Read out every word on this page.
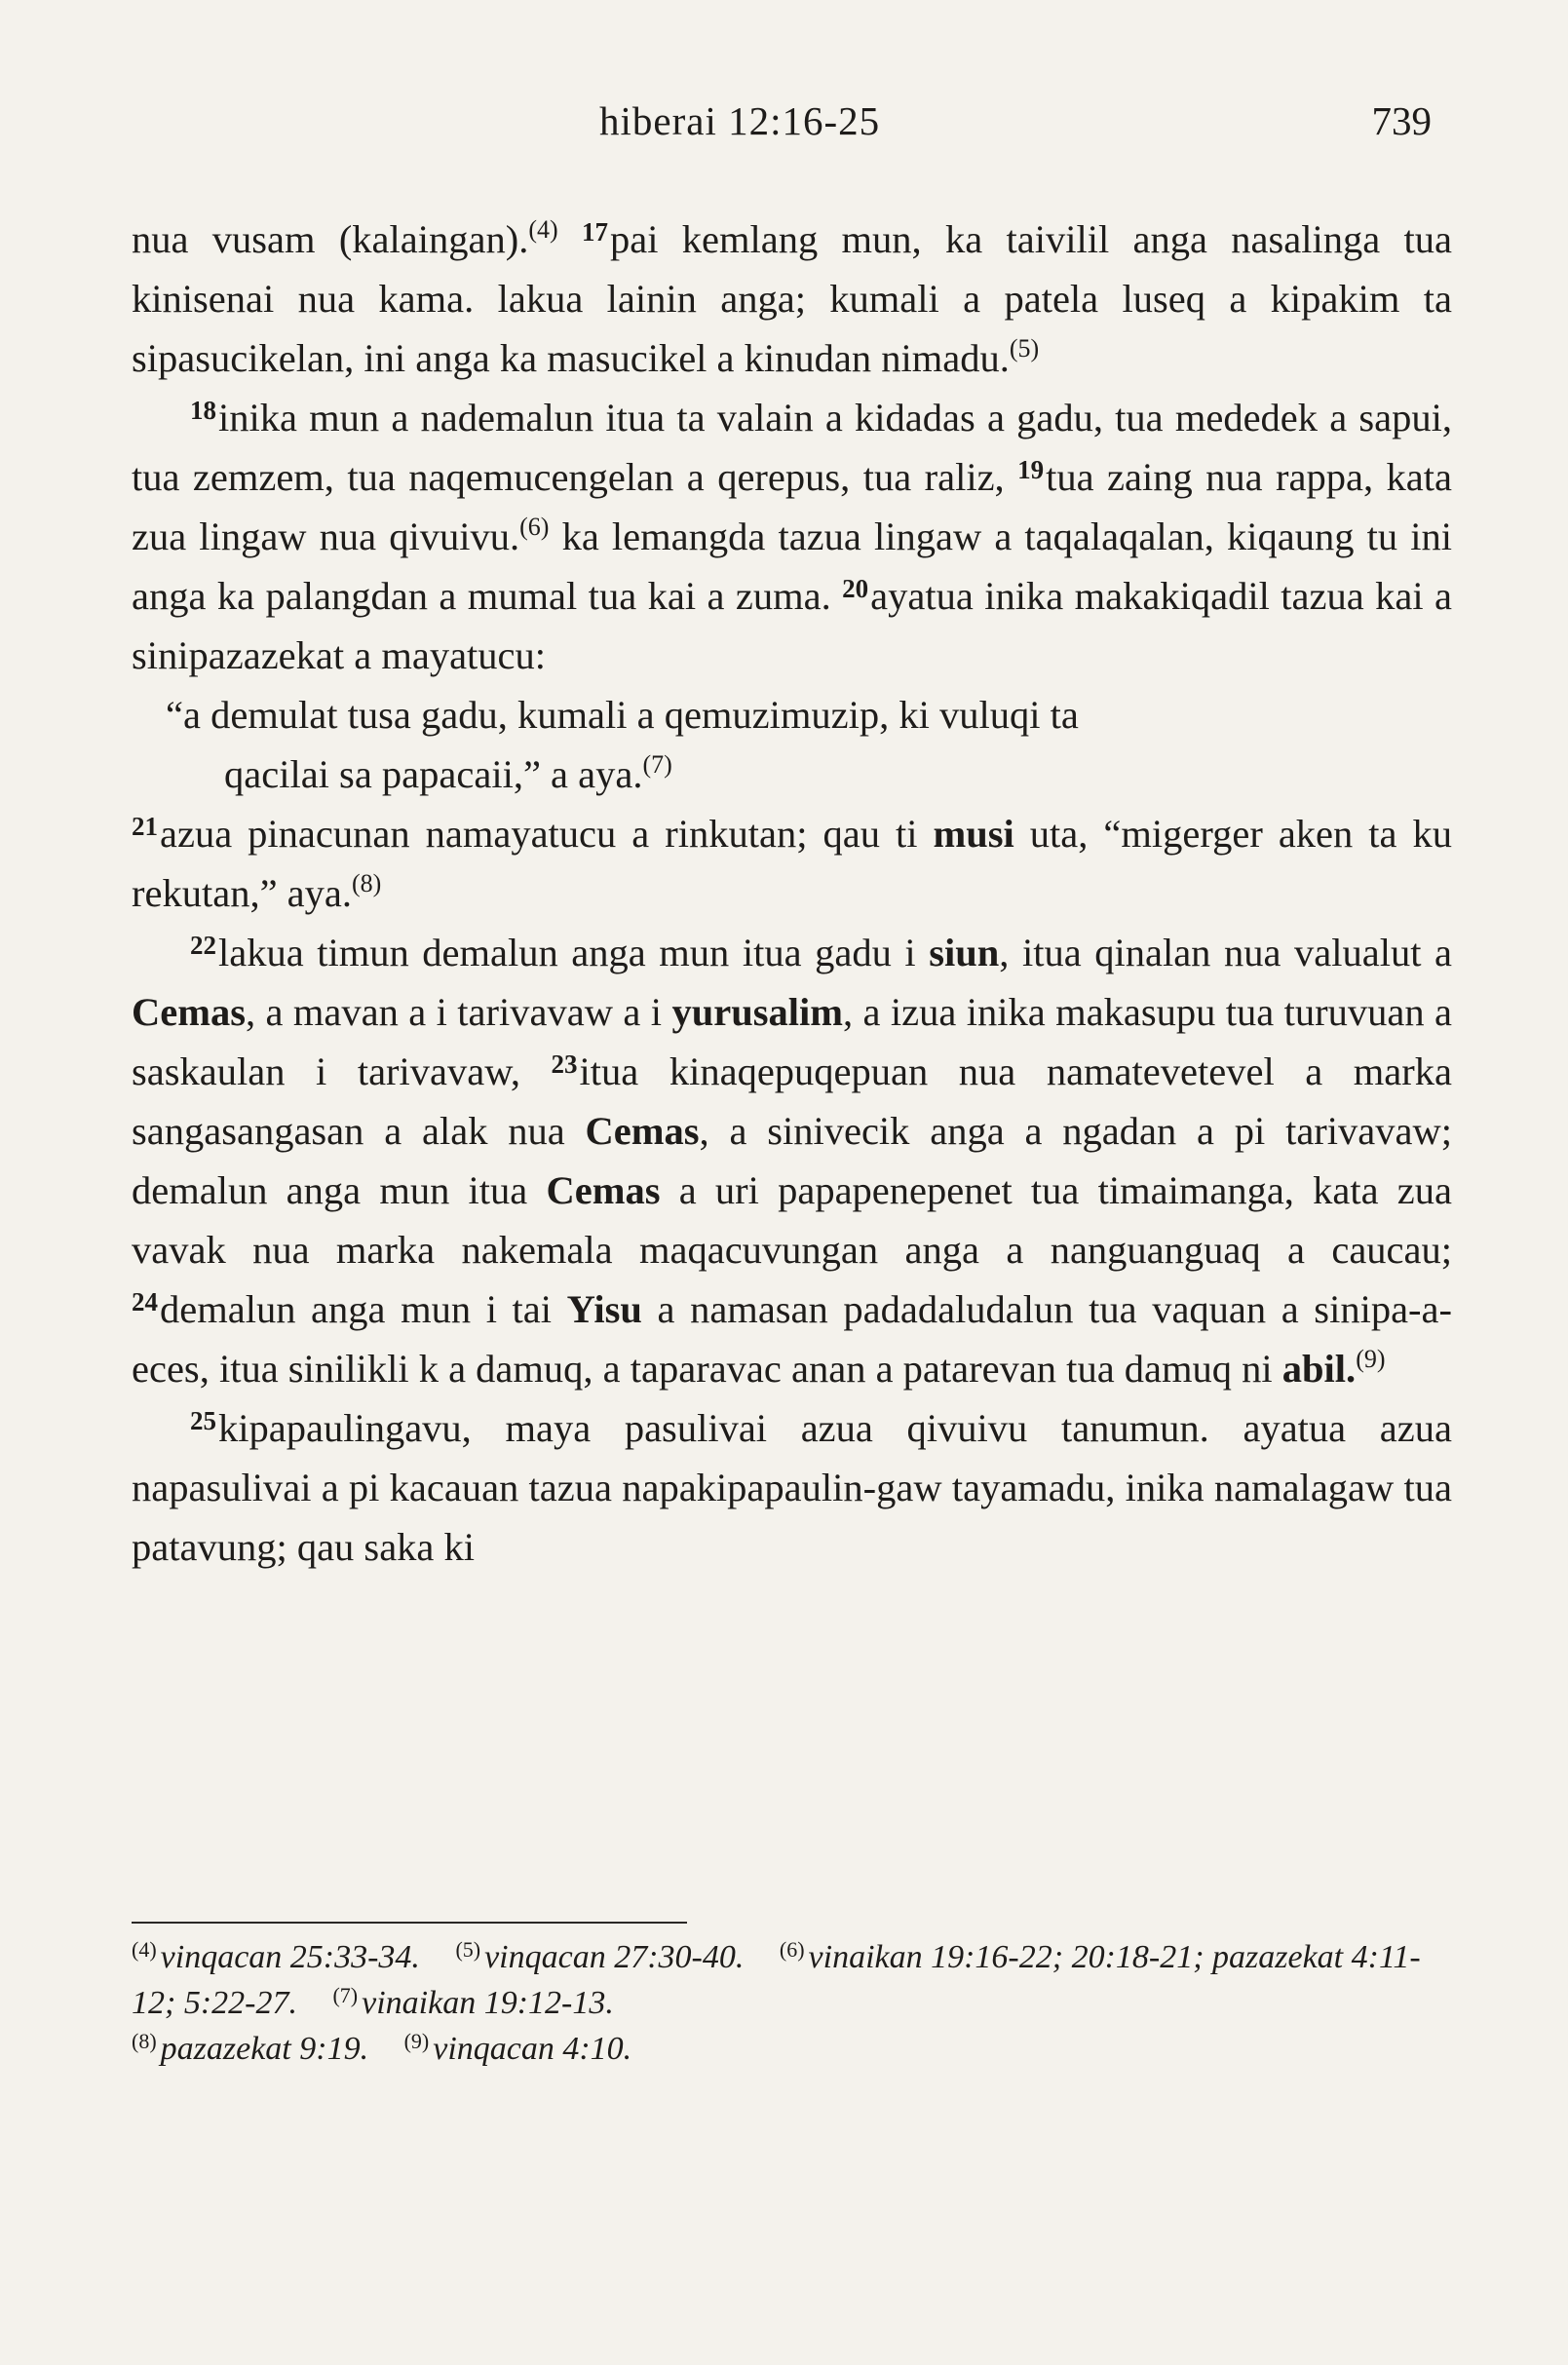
hiberai 12:16-25	739

nua vusam (kalaingan).$^{(4)}$ $^{17}$pai kemlang mun, ka taivilil anga nasalinga tua kinisenai nua kama. lakua lainin anga; kumali a patela luseq a kipakim ta sipasucikelan, ini anga ka masucikel a kinudan nimadu.$^{(5)}$

$^{18}$inika mun a nademalun itua ta valain a kidadas a gadu, tua mededek a sapui, tua zemzem, tua naqemucengelan a qerepus, tua raliz, $^{19}$tua zaing nua rappa, kata zua lingaw nua qivuivu.$^{(6)}$ ka lemangda tazua lingaw a taqalaqalan, kiqaung tu ini anga ka palangdan a mumal tua kai a zuma. $^{20}$ayatua inika makakiqadil tazua kai a sinipazazekat a mayatucu:

“a demulat tusa gadu, kumali a qemuzimuzip, ki vuluqi ta

qacilai sa papacaii,” a aya.$^{(7)}$

$^{21}$azua pinacunan namayatucu a rinkutan; qau ti musi uta, “migerger aken ta ku rekutan,” aya.$^{(8)}$

$^{22}$lakua timun demalun anga mun itua gadu i siun, itua qinalan nua valualut a Cemas, a mavan a i tarivavaw a i yurusalim, a izua inika makasupu tua turuvuan a saskaulan i tarivavaw, $^{23}$itua kinaqepuqepuan nua namatevetevel a marka sangasangasan a alak nua Cemas, a sinivecik anga a ngadan a pi tarivavaw; demalun anga mun itua Cemas a uri papapenepenet tua timaimanga, kata zua vavak nua marka nakemala maqacuvungan anga a nanguanguaq a caucau; $^{24}$demalun anga mun i tai Yisu a namasan padadaludalun tua vaquan a sinipa-a-eces, itua sinilikli k a damuq, a taparavac anan a patarevan tua damuq ni abil.$^{(9)}$

$^{25}$kipapaulingavu, maya pasulivai azua qivuivu tanumun. ayatua azua napasulivai a pi kacauan tazua napakipapaulin-gaw tayamadu, inika namalagaw tua patavung; qau saka ki

$^{(4)}$ vinqacan 25:33-34. $^{(5)}$ vinqacan 27:30-40. $^{(6)}$ vinaikan 19:16-22; 20:18-21; pazazekat 4:11-12; 5:22-27. $^{(7)}$ vinaikan 19:12-13.
$^{(8)}$ pazazekat 9:19. $^{(9)}$ vinqacan 4:10.
